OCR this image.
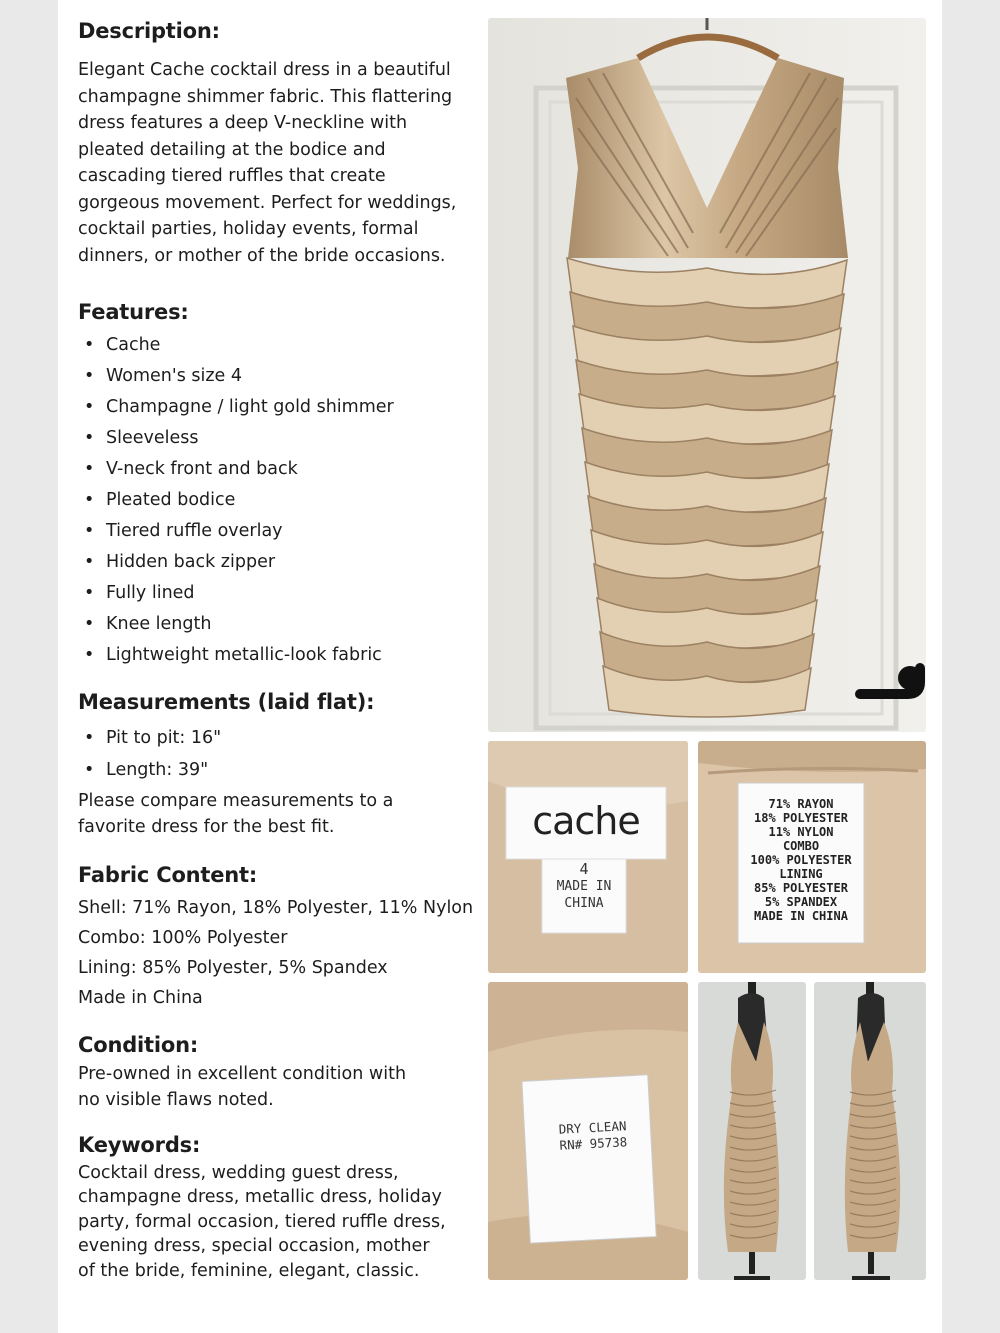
Description:

Elegant Cache cocktail dress in a beautiful

champagne shimmer fabric. This flattering

dress features a deep V-neckline with

pleated detailing at the bodice and

cascading tiered ruffles that create

gorgeous movement. Perfect for weddings,

cocktail parties, holiday events, formal

dinners, or mother of the bride occasions.

Features:
• Cache
• Women's size 4
• Champagne / light gold shimmer
• Sleeveless
• V-neck front and back
• Pleated bodice
• Tiered ruffle overlay
• Hidden back zipper
• Fully lined
• Knee length
• Lightweight metallic-look fabric
Measurements (laid flat):
• Pit to pit: 16"
• Length: 39"

Please compare measurements to a

favorite dress for the best fit.

Fabric Content:

Shell: 71% Rayon, 18% Polyester, 11% Nylon

Combo: 100% Polyester

Lining: 85% Polyester, 5% Spandex

Made in China

Condition:

Pre-owned in excellent condition with

no visible flaws noted.

Keywords:

Cocktail dress, wedding guest dress,

champagne dress, metallic dress, holiday

party, formal occasion, tiered ruffle dress,

evening dress, special occasion, mother

of the bride, feminine, elegant, classic.

cache
4
MADE IN
CHINA
71% RAYON
18% POLYESTER
11% NYLON
COMBO
100% POLYESTER
LINING
85% POLYESTER
5% SPANDEX
MADE IN CHINA
DRY CLEAN
RN# 95738
